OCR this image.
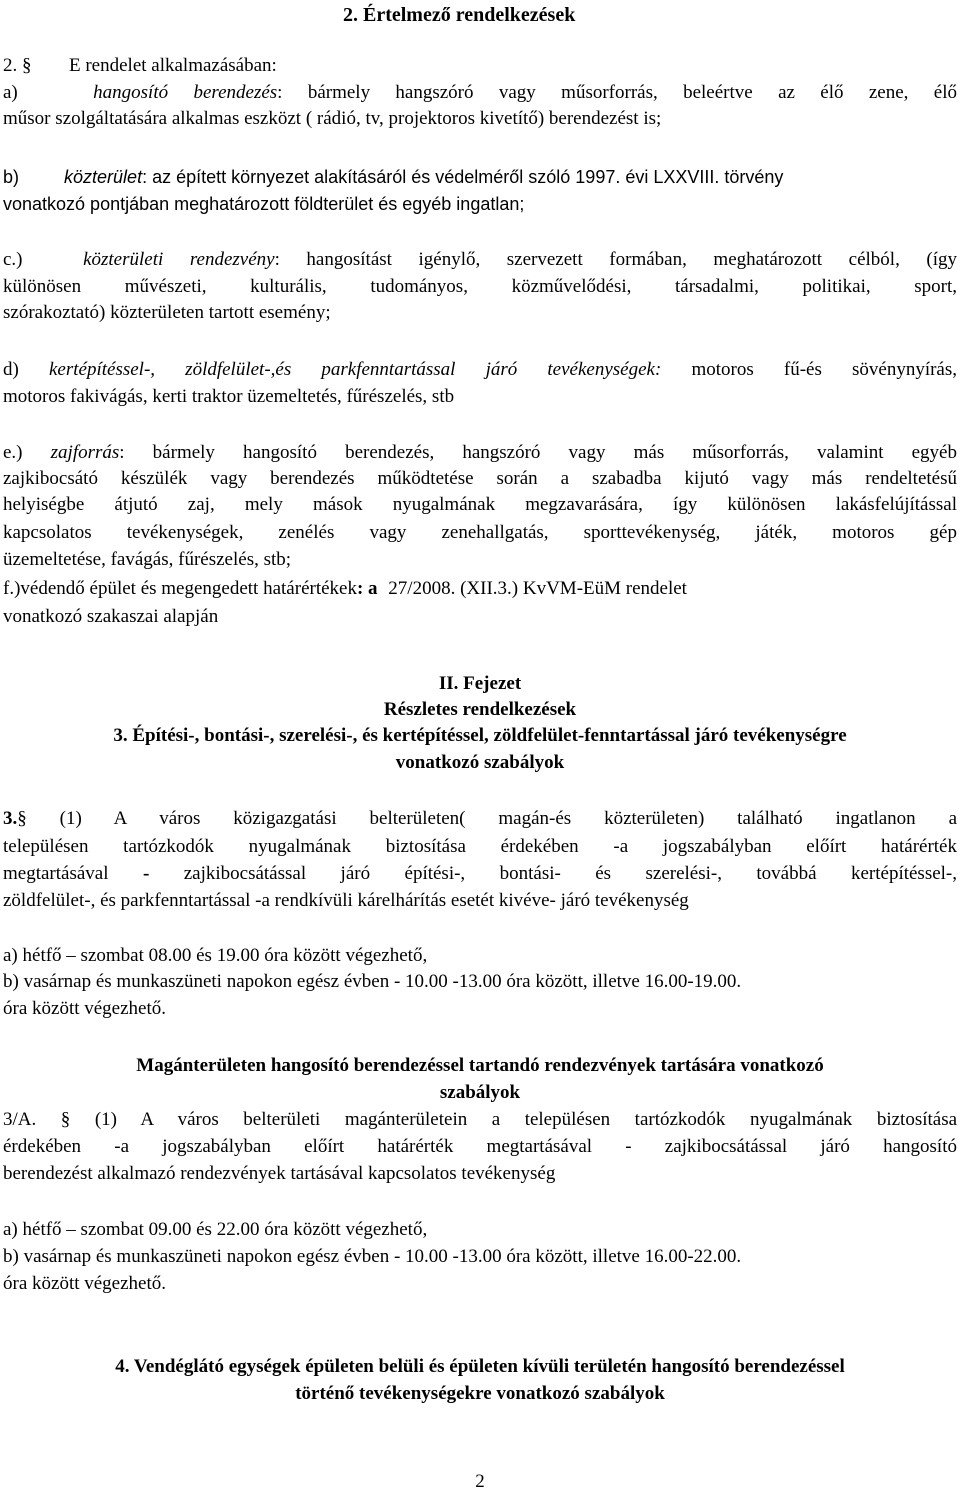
2. Értelmező rendelkezések
2. § E rendelet alkalmazásában:
a)	hangosító berendezés: bármely hangszóró vagy műsorforrás, beleértve az élő zene, élő
műsor szolgáltatására alkalmas eszközt ( rádió, tv, projektoros kivetítő) berendezést is;
b)	közterület: az épített környezet alakításáról és védelméről szóló 1997. évi LXXVIII. törvény
vonatkozó pontjában meghatározott földterület és egyéb ingatlan;
c.)	közterületi rendezvény: hangosítást igénylő, szervezett formában, meghatározott célból, (így
különösen művészeti, kulturális, tudományos, közművelődési, társadalmi, politikai, sport,
szórakoztató) közterületen tartott esemény;
d) kertépítéssel-, zöldfelület-,és parkfenntartással járó tevékenységek: motoros fű-és sövénynyírás,
motoros fakivágás, kerti traktor üzemeltetés, fűrészelés, stb
e.) zajforrás: bármely hangosító berendezés, hangszóró vagy más műsorforrás, valamint egyéb
zajkibocsátó készülék vagy berendezés működtetése során a szabadba kijutó vagy más rendeltetésű
helyiségbe átjutó zaj, mely mások nyugalmának megzavarására, így különösen lakásfelújítással
kapcsolatos tevékenységek, zenélés vagy zenehallgatás, sporttevékenység, játék, motoros gép
üzemeltetése, favágás, fűrészelés, stb;
f.)védendő épület és megengedett határértékek: a 27/2008. (XII.3.) KvVM-EüM rendelet
vonatkozó szakaszai alapján
II. Fejezet
Részletes rendelkezések
3. Építési-, bontási-, szerelési-, és kertépítéssel, zöldfelület-fenntartással járó tevékenységre
vonatkozó szabályok
3.§ (1) A város közigazgatási belterületen( magán-és közterületen) található ingatlanon a
településen tartózkodók nyugalmának biztosítása érdekében -a jogszabályban előírt határérték
megtartásával - zajkibocsátással járó építési-, bontási- és szerelési-, továbbá kertépítéssel-,
zöldfelület-, és parkfenntartással -a rendkívüli kárelhárítás esetét kivéve- járó tevékenység
a) hétfő – szombat 08.00 és 19.00 óra között végezhető,
b) vasárnap és munkaszüneti napokon egész évben - 10.00 -13.00 óra között, illetve 16.00-19.00.
óra között végezhető.
Magánterületen hangosító berendezéssel tartandó rendezvények tartására vonatkozó
szabályok
3/A. § (1) A város belterületi magánterületein a településen tartózkodók nyugalmának biztosítása
érdekében -a jogszabályban előírt határérték megtartásával - zajkibocsátással járó hangosító
berendezést alkalmazó rendezvények tartásával kapcsolatos tevékenység
a) hétfő – szombat 09.00 és 22.00 óra között végezhető,
b) vasárnap és munkaszüneti napokon egész évben - 10.00 -13.00 óra között, illetve 16.00-22.00.
óra között végezhető.
4. Vendéglátó egységek épületen belüli és épületen kívüli területén hangosító berendezéssel
történő tevékenységekre vonatkozó szabályok
2
